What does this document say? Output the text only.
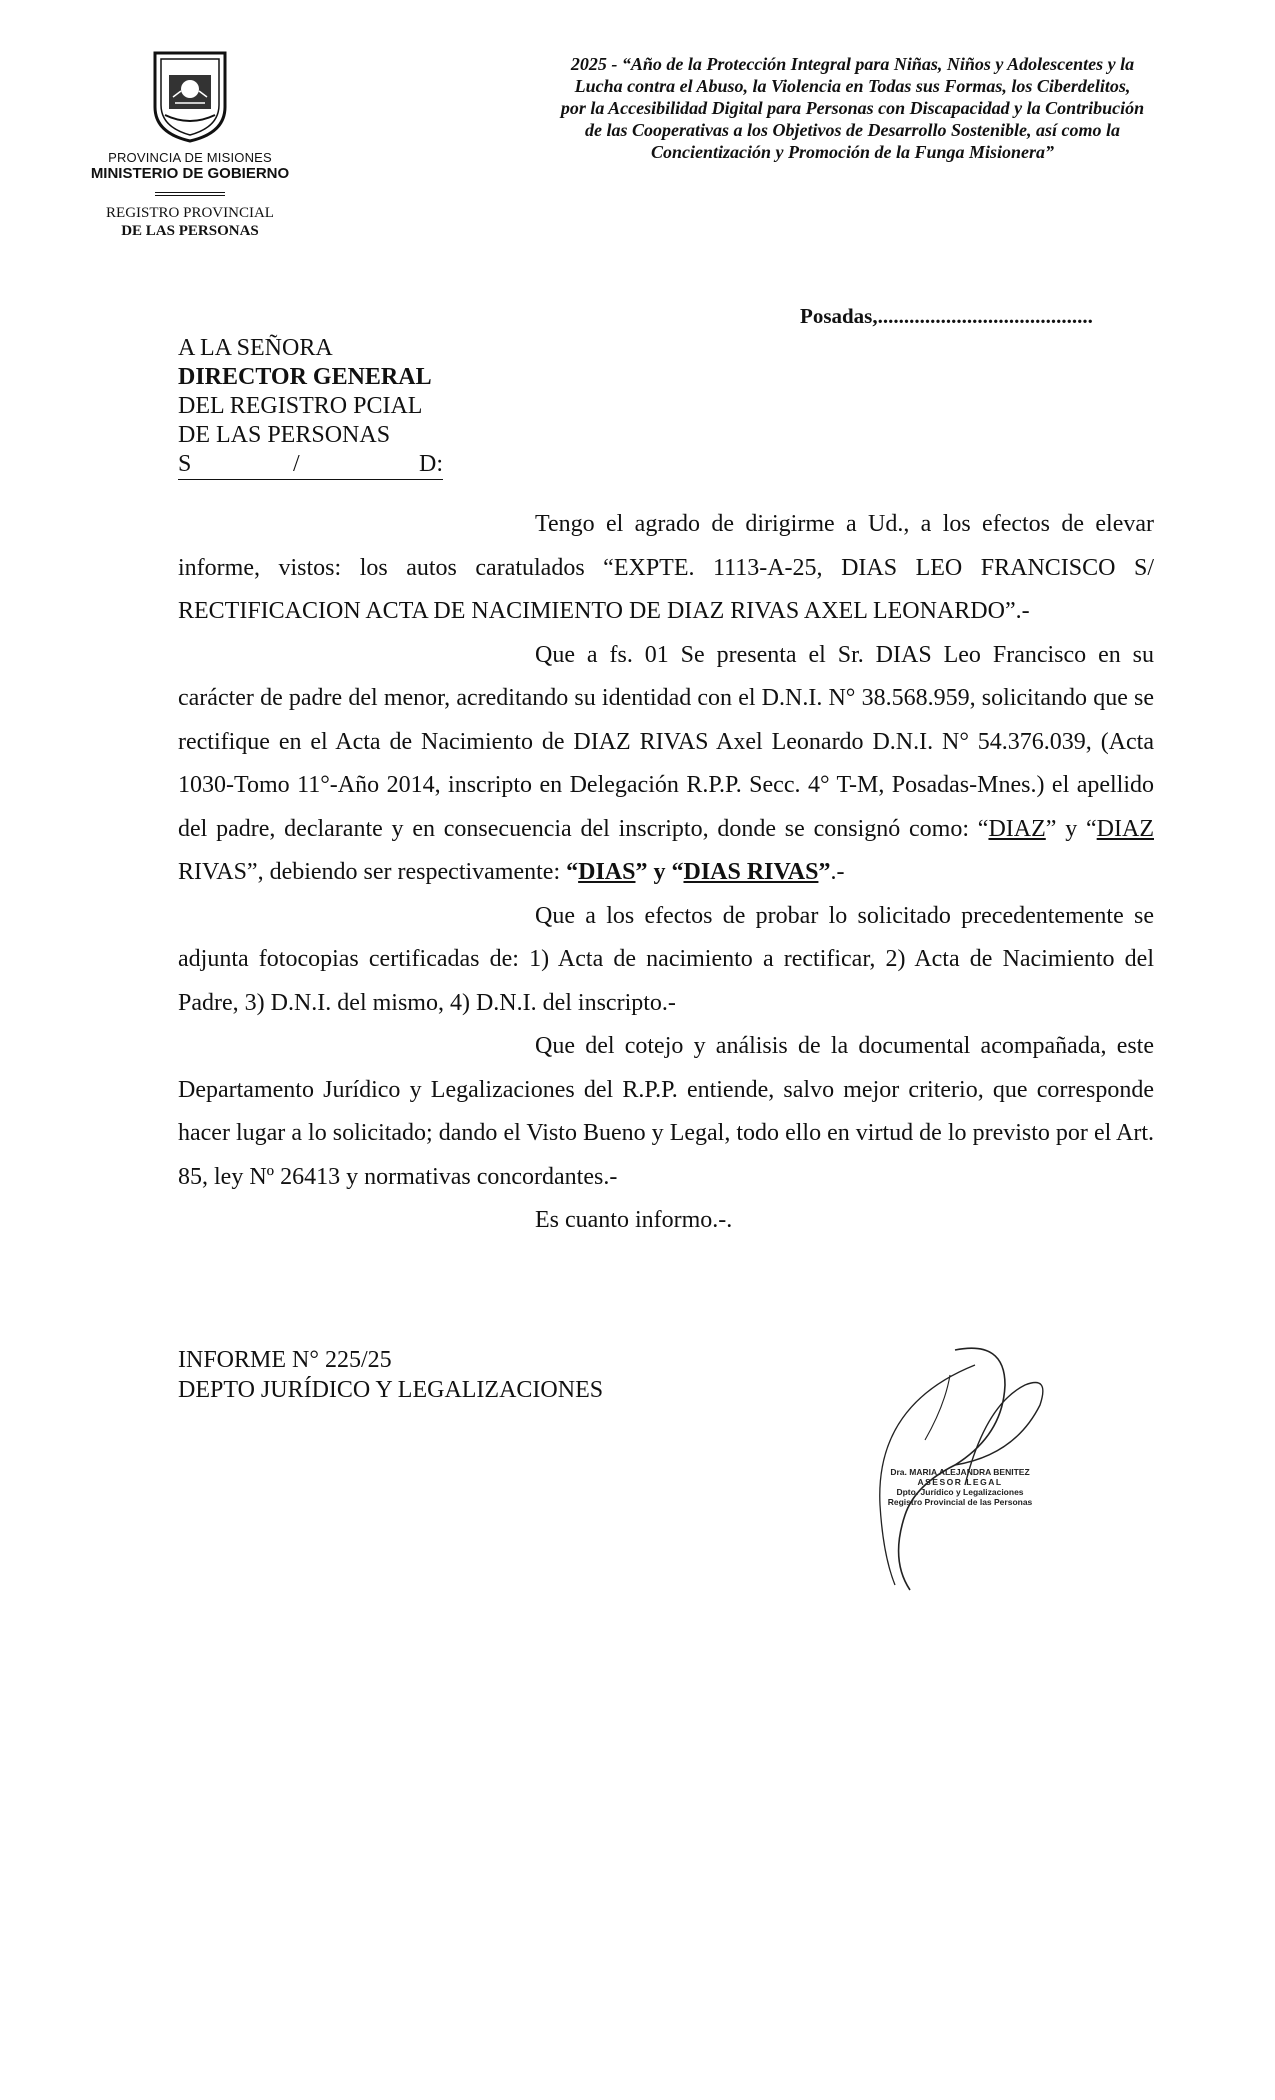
PROVINCIA DE MISIONES
MINISTERIO DE GOBIERNO
REGISTRO PROVINCIAL
DE LAS PERSONAS
2025 - “Año de la Protección Integral para Niñas, Niños y Adolescentes y la
Lucha contra el Abuso, la Violencia en Todas sus Formas, los Ciberdelitos,
por la Accesibilidad Digital para Personas con Discapacidad y la Contribución
de las Cooperativas a los Objetivos de Desarrollo Sostenible, así como la
Concientización y Promoción de la Funga Misionera”
Posadas,.........................................
A LA SEÑORA
DIRECTOR GENERAL
DEL REGISTRO PCIAL
DE LAS PERSONAS
S	/	D:

Tengo el agrado de dirigirme a Ud., a los efectos de elevar informe, vistos: los autos caratulados “EXPTE. 1113-A-25, DIAS LEO FRANCISCO S/ RECTIFICACION ACTA DE NACIMIENTO DE DIAZ RIVAS AXEL LEONARDO”.-

Que a fs. 01 Se presenta el Sr. DIAS Leo Francisco en su carácter de padre del menor, acreditando su identidad con el D.N.I. N° 38.568.959, solicitando que se rectifique en el Acta de Nacimiento de DIAZ RIVAS Axel Leonardo D.N.I. N° 54.376.039, (Acta 1030-Tomo 11°-Año 2014, inscripto en Delegación R.P.P. Secc. 4° T-M, Posadas-Mnes.) el apellido del padre, declarante y en consecuencia del inscripto, donde se consignó como: “DIAZ” y “DIAZ RIVAS”, debiendo ser respectivamente: “DIAS” y “DIAS RIVAS”.-

Que a los efectos de probar lo solicitado precedentemente se adjunta fotocopias certificadas de: 1) Acta de nacimiento a rectificar, 2) Acta de Nacimiento del Padre, 3) D.N.I. del mismo, 4) D.N.I. del inscripto.-

Que del cotejo y análisis de la documental acompañada, este Departamento Jurídico y Legalizaciones del R.P.P. entiende, salvo mejor criterio, que corresponde hacer lugar a lo solicitado; dando el Visto Bueno y Legal, todo ello en virtud de lo previsto por el Art. 85, ley Nº 26413 y normativas concordantes.-

Es cuanto informo.-.

INFORME N° 225/25
DEPTO JURÍDICO Y LEGALIZACIONES
Dra. MARIA ALEJANDRA BENITEZ
ASESOR LEGAL
Dpto. Jurídico y Legalizaciones
Registro Provincial de las Personas
